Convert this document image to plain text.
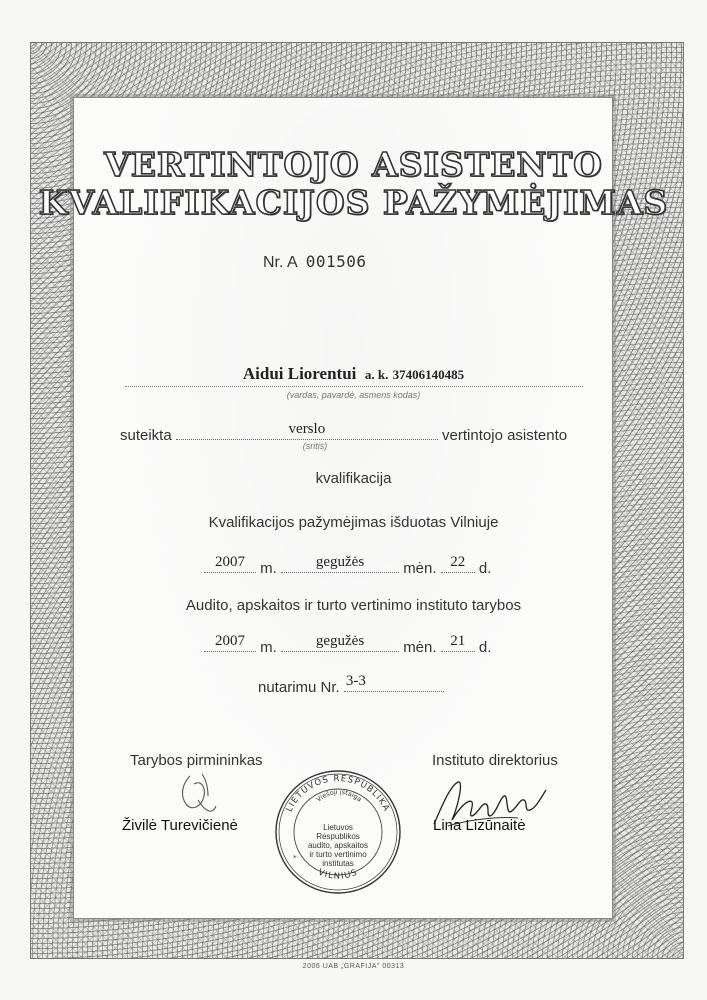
VERTINTOJO ASISTENTO
KVALIFIKACIJOS PAŽYMĖJIMAS
Nr. A 001506
Aidui Liorentui a. k. 37406140485
(vardas, pavardė, asmens kodas)
suteikta	verslo	vertintojo asistento
(sritis)
kvalifikacija
Kvalifikacijos pažymėjimas išduotas Vilniuje
2007	m.	gegužės	mėn. 22 d.
Audito, apskaitos ir turto vertinimo instituto tarybos
2007	m.	gegužės	mėn. 21 d.
nutarimu Nr. 3-3
Tarybos pirmininkas	Instituto direktorius
Živilė Turevičienė	Lina Lizūnaitė
LIETUVOS RESPUBLIKA
VILNIUS
Viešoji įstaiga
*
Lietuvos
Respublikos
audito, apskaitos
ir turto vertinimo
institutas
2006 UAB „GRAFIJA" 00313
